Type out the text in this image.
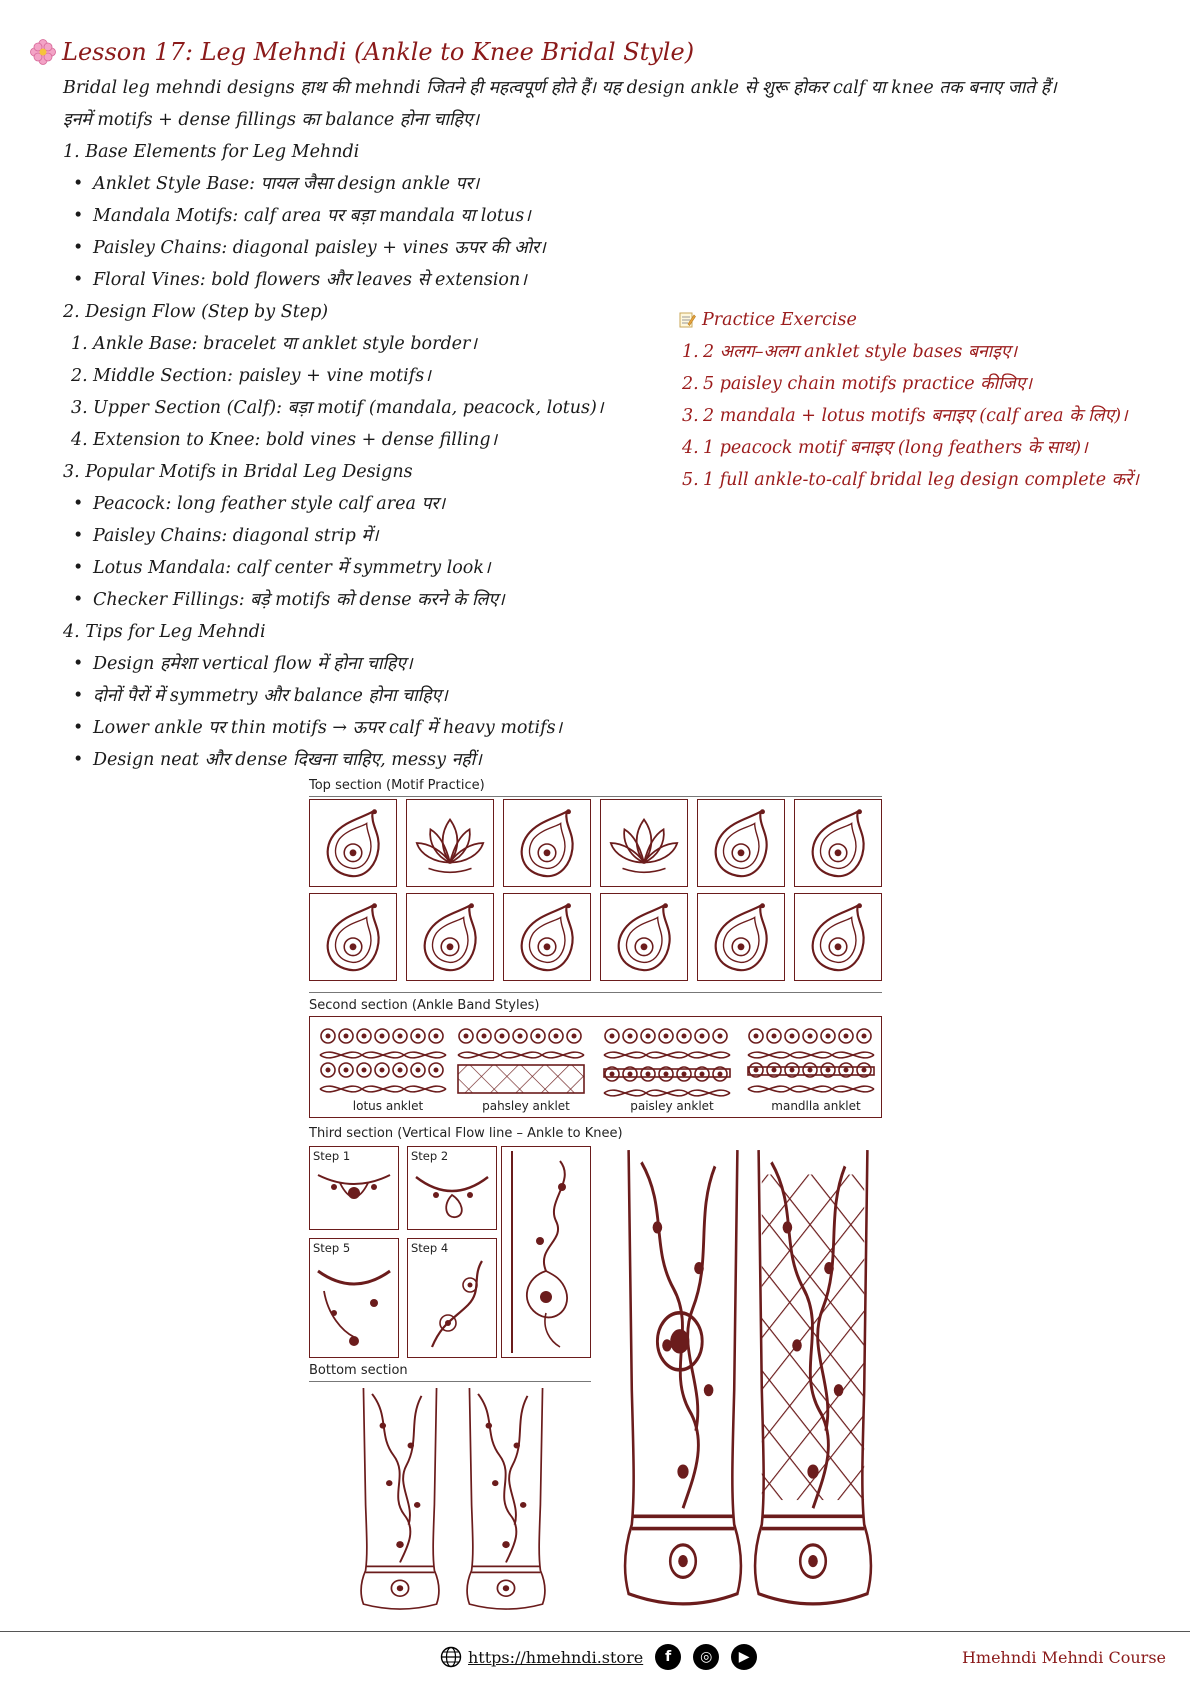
Lesson 17: Leg Mehndi (Ankle to Knee Bridal Style)

Bridal leg mehndi designs हाथ की mehndi जितने ही महत्वपूर्ण होते हैं। यह design ankle से शुरू होकर calf या knee तक बनाए जाते हैं।

इनमें motifs + dense fillings का balance होना चाहिए।

1. Base Elements for Leg Mehndi

• Anklet Style Base: पायल जैसा design ankle पर।
• Mandala Motifs: calf area पर बड़ा mandala या lotus।
• Paisley Chains: diagonal paisley + vines ऊपर की ओर।
• Floral Vines: bold flowers और leaves से extension।

2. Design Flow (Step by Step)

1. Ankle Base: bracelet या anklet style border।
2. Middle Section: paisley + vine motifs।
3. Upper Section (Calf): बड़ा motif (mandala, peacock, lotus)।
4. Extension to Knee: bold vines + dense filling।

3. Popular Motifs in Bridal Leg Designs

• Peacock: long feather style calf area पर।
• Paisley Chains: diagonal strip में।
• Lotus Mandala: calf center में symmetry look।
• Checker Fillings: बड़े motifs को dense करने के लिए।

4. Tips for Leg Mehndi

• Design हमेशा vertical flow में होना चाहिए।
• दोनों पैरों में symmetry और balance होना चाहिए।
• Lower ankle पर thin motifs → ऊपर calf में heavy motifs।
• Design neat और dense दिखना चाहिए, messy नहीं।
Practice Exercise
1. 2 अलग–अलग anklet style bases बनाइए।
2. 5 paisley chain motifs practice कीजिए।
3. 2 mandala + lotus motifs बनाइए (calf area के लिए)।
4. 1 peacock motif बनाइए (long feathers के साथ)।
5. 1 full ankle-to-calf bridal leg design complete करें।
Top section (Motif Practice)
Second section (Ankle Band Styles)
lotus anklet	pahsley anklet	paisley anklet	mandlla anklet
Third section (Vertical Flow line – Ankle to Knee)
Step 1	Step 2
Step 5	Step 4
Bottom section
https://hmehndi.store	f	◎	▶	Hmehndi Mehndi Course
